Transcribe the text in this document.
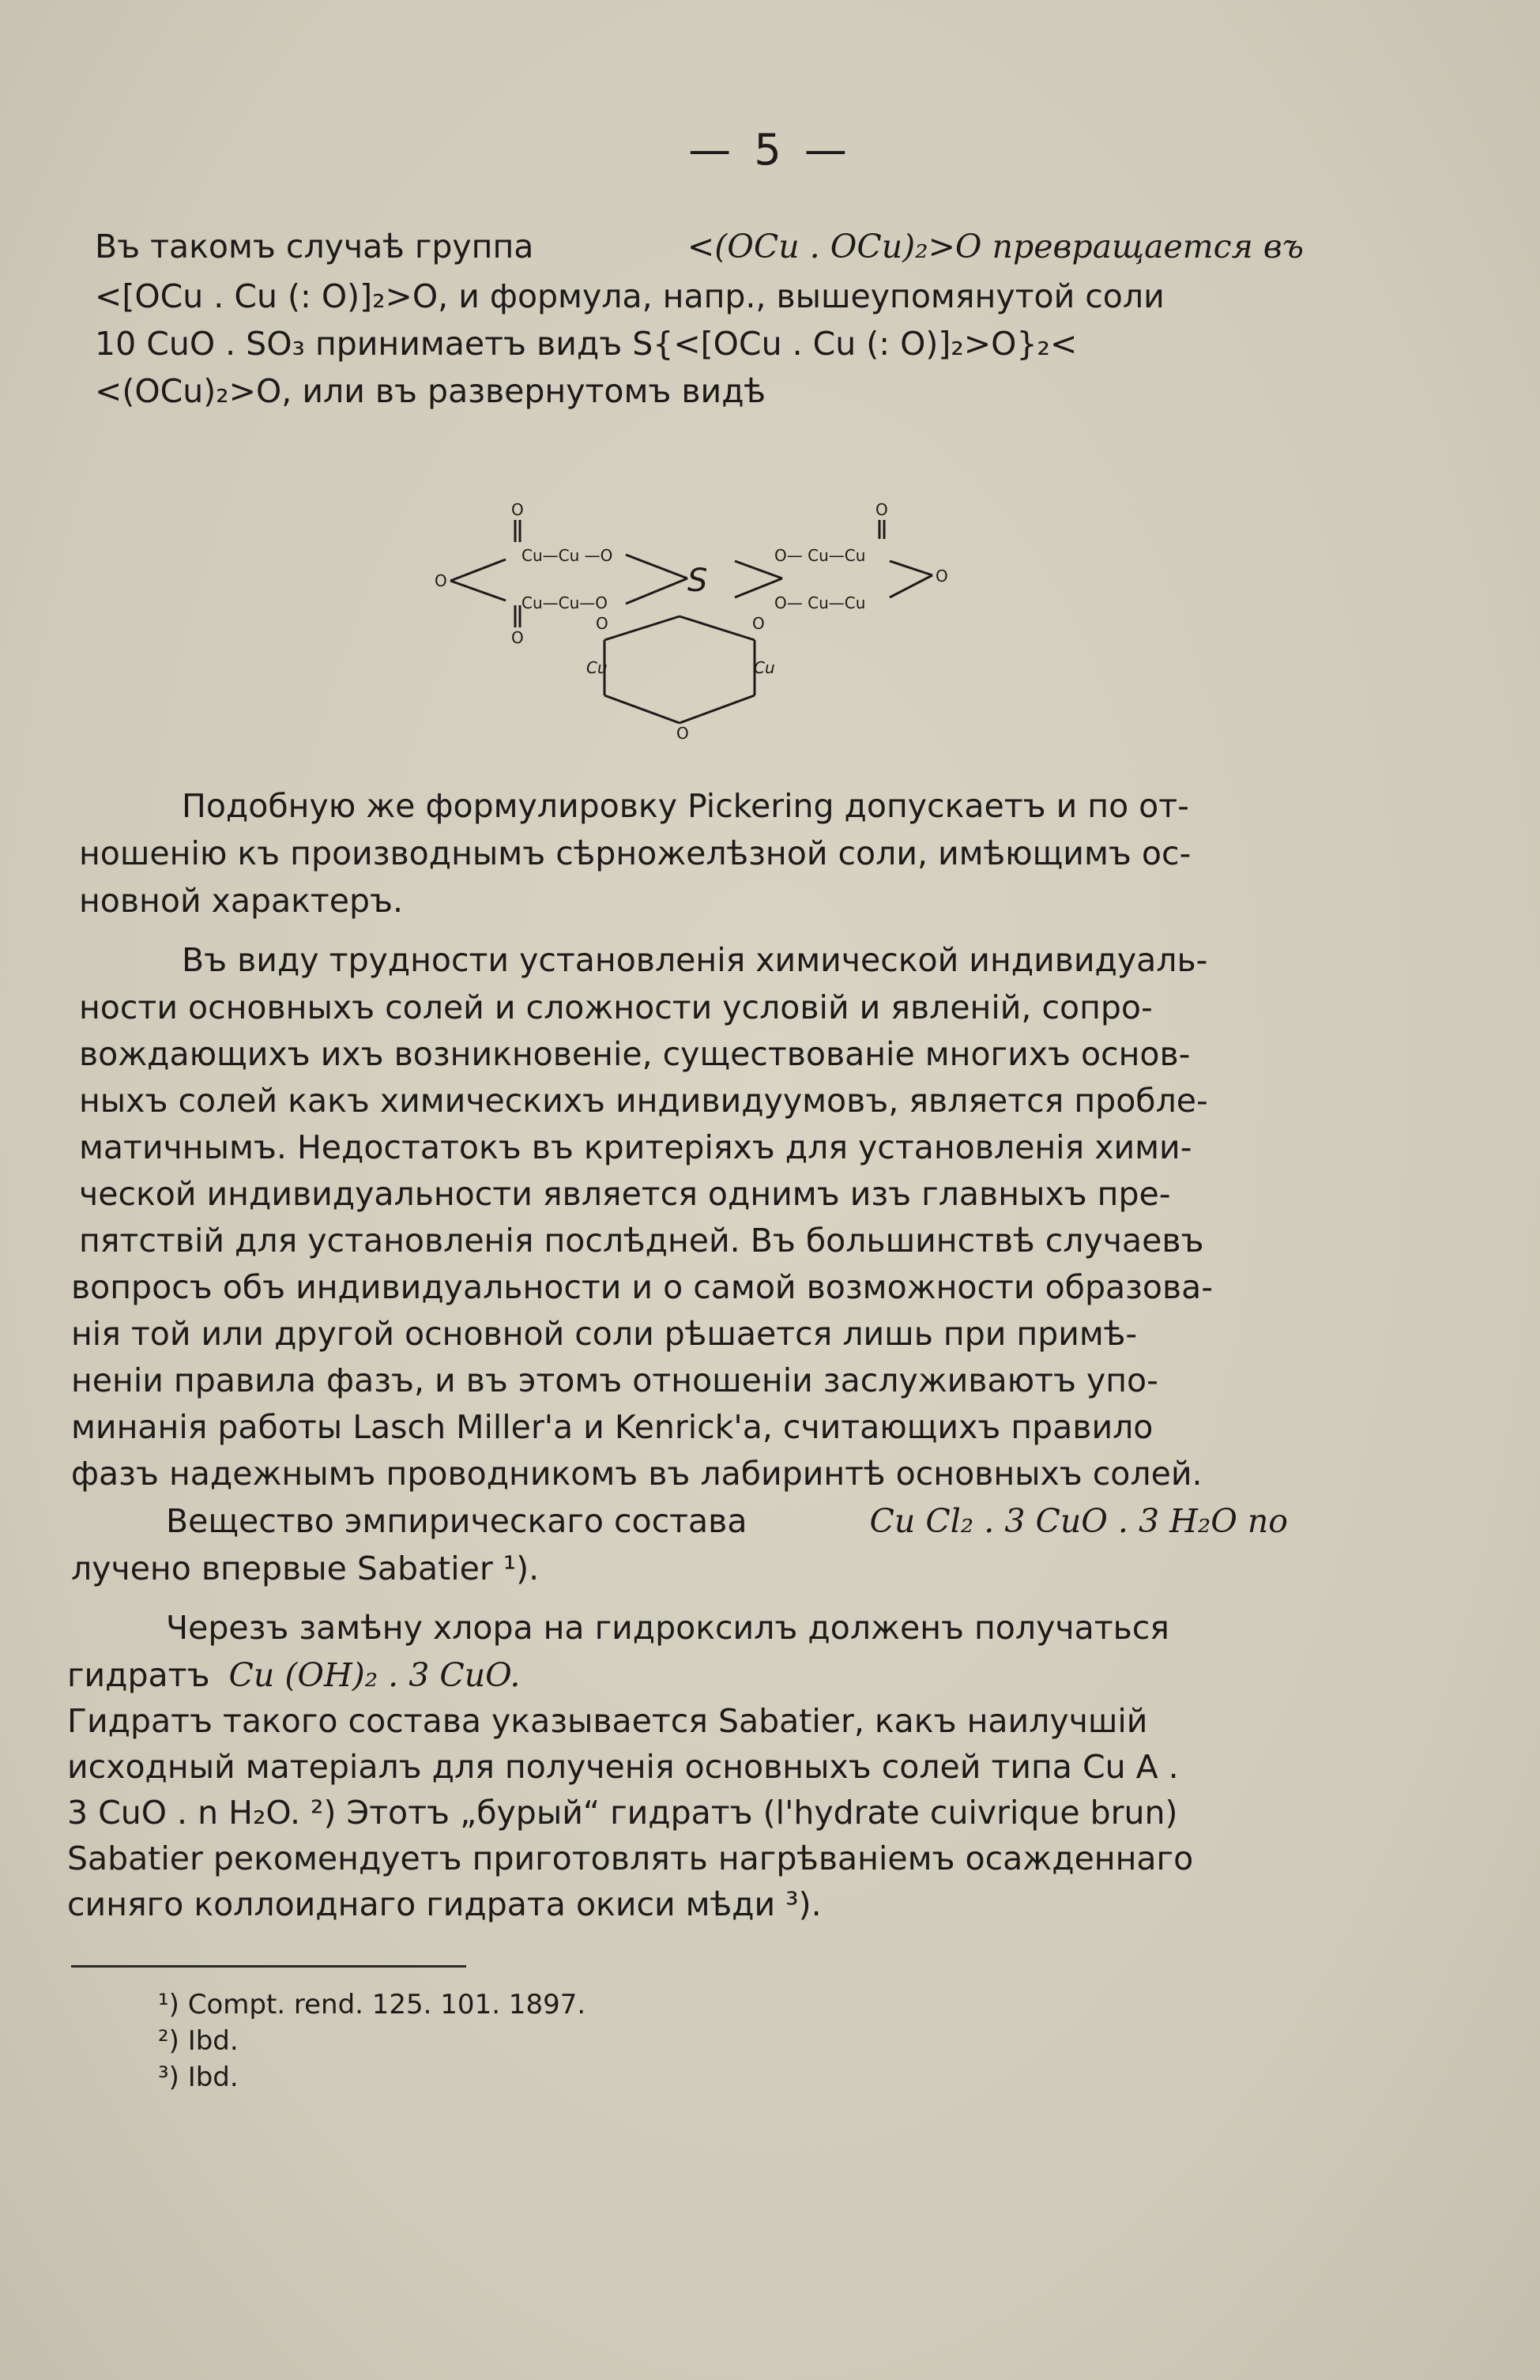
— 5 —
Въ такомъ случаѣ группа	<(OCu . OCu)₂>O превращается въ
<[OCu . Cu (: O)]₂>O, и формула, напр., вышеупомянутой соли
10 CuO . SO₃ принимаетъ видъ S{<[OCu . Cu (: O)]₂>O}₂<
<(OCu)₂>O, или въ развернутомъ видѣ
O
O
O
Cu—Cu —O
Cu—Cu—O
S
O— Cu—Cu
O— Cu—Cu
O
O
O	O
O
Cu	Cu
Подобную же формулировку Pickering допускаетъ и по от-
ношенію къ производнымъ сѣрножелѣзной соли, имѣющимъ ос-
новной характеръ.
Въ виду трудности установленія химической индивидуаль-
ности основныхъ солей и сложности условій и явленій, сопро-
вождающихъ ихъ возникновеніе, существованіе многихъ основ-
ныхъ солей какъ химическихъ индивидуумовъ, является пробле-
матичнымъ. Недостатокъ въ критеріяхъ для установленія хими-
ческой индивидуальности является однимъ изъ главныхъ пре-
пятствій для установленія послѣдней. Въ большинствѣ случаевъ
вопросъ объ индивидуальности и о самой возможности образова-
нія той или другой основной соли рѣшается лишь при примѣ-
неніи правила фазъ, и въ этомъ отношеніи заслуживаютъ упо-
минанія работы Lasch Miller'a и Kenrick'a, считающихъ правило
фазъ надежнымъ проводникомъ въ лабиринтѣ основныхъ солей.
Вещество эмпирическаго состава	Cu Cl₂ . 3 CuO . 3 H₂O по
лучено впервые Sabatier ¹).
Черезъ замѣну хлора на гидроксилъ долженъ получаться
гидратъ Cu (OH)₂ . 3 CuO.
Гидратъ такого состава указывается Sabatier, какъ наилучшій
исходный матеріалъ для полученія основныхъ солей типа Cu A .
3 CuO . n H₂O. ²) Этотъ „бурый“ гидратъ (l'hydrate cuivrique brun)
Sabatier рекомендуетъ приготовлять нагрѣваніемъ осажденнаго
синяго коллоиднаго гидрата окиси мѣди ³).
¹) Compt. rend. 125. 101. 1897.
²) Ibd.
³) Ibd.
